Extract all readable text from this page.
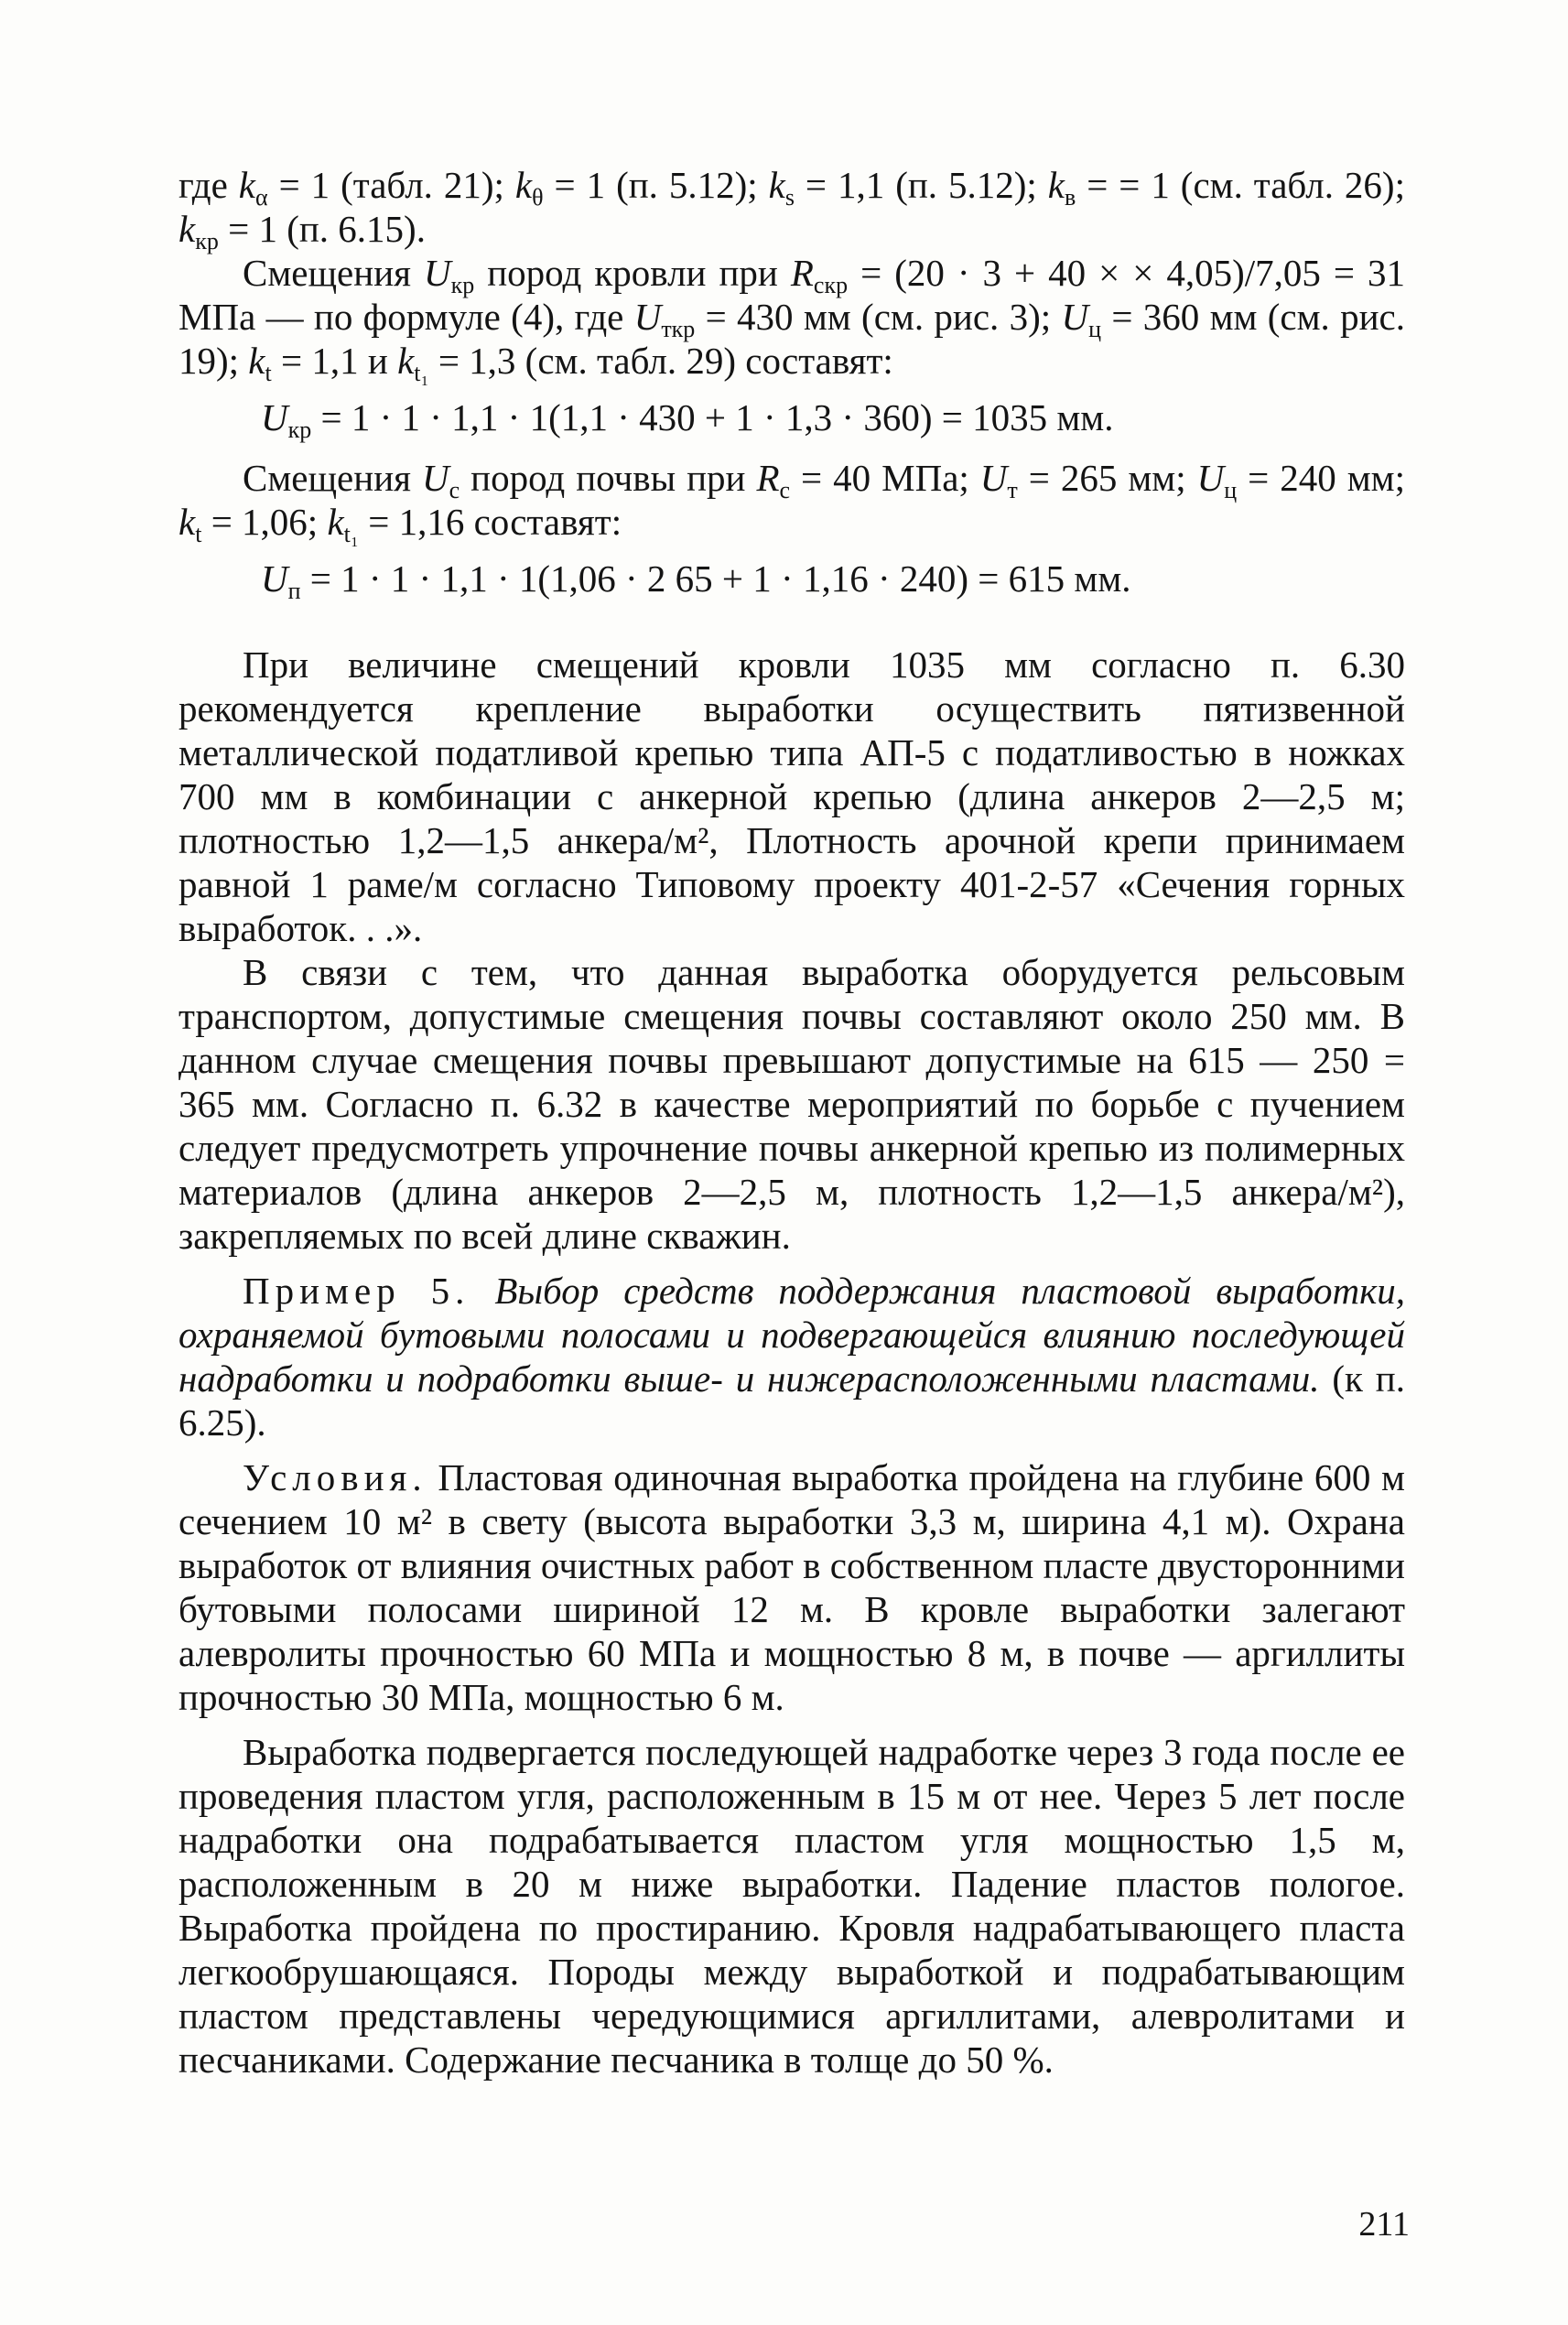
где $k_\alpha = 1$ (табл. 21); $k_\theta = 1$ (п. 5.12); $k_s = 1,1$ (п. 5.12); $k_в$ = = 1 (см. табл. 26); $k_{кр} = 1$ (п. 6.15).

Смещения $U_{кр}$ пород кровли при $R_{скр} = (20 \cdot 3 + 40$ × × 4,05)/7,05 = 31 МПа — по формуле (4), где $U_{ткр} = 430$ мм (см. рис. 3); $U_ц = 360$ мм (см. рис. 19); $k_t = 1,1$ и $k_{t_1} = 1,3$ (см. табл. 29) составят:

$U_{кр} = 1 \cdot 1 \cdot 1,1 \cdot 1(1,1 \cdot 430 + 1 \cdot 1,3 \cdot 360) = 1035$ мм.

Смещения $U_с$ пород почвы при $R_с = 40$ МПа; $U_т = 265$ мм; $U_ц = 240$ мм; $k_t = 1,06$; $k_{t_1} = 1,16$ составят:

$U_п = 1 \cdot 1 \cdot 1,1 \cdot 1(1,06 \cdot 2$ 65 + 1 · 1,16 · 240) = 615 мм.

При величине смещений кровли 1035 мм согласно п. 6.30 рекомендуется крепление выработки осуществить пятизвенной металлической податливой крепью типа АП-5 с податливостью в ножках 700 мм в комбинации с анкерной крепью (длина анкеров 2—2,5 м; плотностью 1,2—1,5 анкера/м², Плотность арочной крепи принимаем равной 1 раме/м согласно Типовому проекту 401-2-57 «Сечения горных выработок. . .».

В связи с тем, что данная выработка оборудуется рельсовым транспортом, допустимые смещения почвы составляют около 250 мм. В данном случае смещения почвы превышают допустимые на 615 — 250 = 365 мм. Согласно п. 6.32 в качестве мероприятий по борьбе с пучением следует предусмотреть упрочнение почвы анкерной крепью из полимерных материалов (длина анкеров 2—2,5 м, плотность 1,2—1,5 анкера/м²), закрепляемых по всей длине скважин.

Пример 5. Выбор средств поддержания пластовой выработки, охраняемой бутовыми полосами и подвергающейся влиянию последующей надработки и подработки выше- и нижерасположенными пластами. (к п. 6.25).

Условия. Пластовая одиночная выработка пройдена на глубине 600 м сечением 10 м² в свету (высота выработки 3,3 м, ширина 4,1 м). Охрана выработок от влияния очистных работ в собственном пласте двусторонними бутовыми полосами шириной 12 м. В кровле выработки залегают алевролиты прочностью 60 МПа и мощностью 8 м, в почве — аргиллиты прочностью 30 МПа, мощностью 6 м.

Выработка подвергается последующей надработке через 3 года после ее проведения пластом угля, расположенным в 15 м от нее. Через 5 лет после надработки она подрабатывается пластом угля мощностью 1,5 м, расположенным в 20 м ниже выработки. Падение пластов пологое. Выработка пройдена по простиранию. Кровля надрабатывающего пласта легкообрушающаяся. Породы между выработкой и подрабатывающим пластом представлены чередующимися аргиллитами, алевролитами и песчаниками. Содержание песчаника в толще до 50 %.

211
